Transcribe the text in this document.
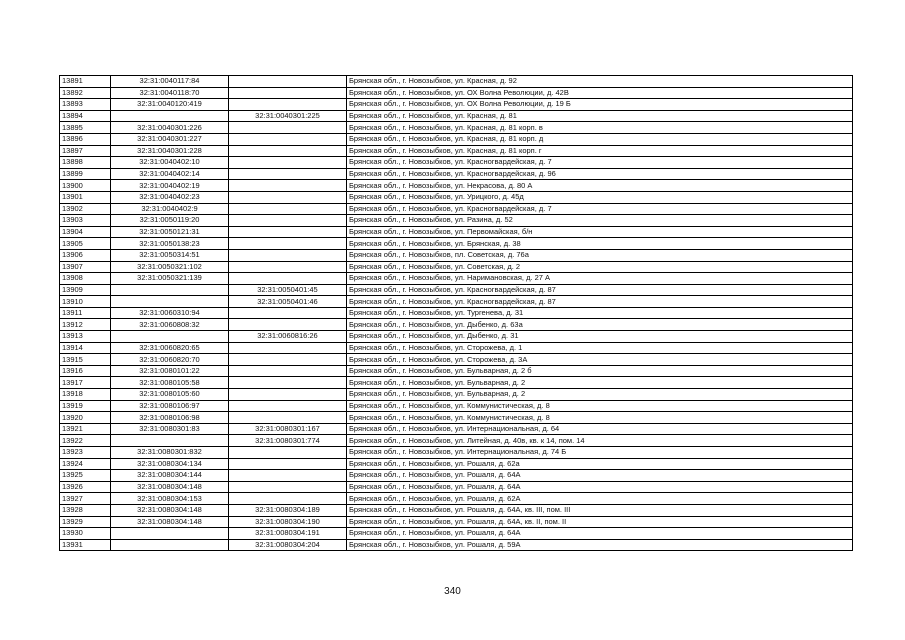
13891	32:31:0040117:84		Брянская обл., г. Новозыбков, ул. Красная, д. 92
13892	32:31:0040118:70		Брянская обл., г. Новозыбков, ул. ОХ Волна Революции, д. 42В
13893	32:31:0040120:419		Брянская обл., г. Новозыбков, ул. ОХ Волна Революции, д. 19 Б
13894		32:31:0040301:225	Брянская обл., г. Новозыбков, ул. Красная, д. 81
13895	32:31:0040301:226		Брянская обл., г. Новозыбков, ул. Красная, д. 81 корп. в
13896	32:31:0040301:227		Брянская обл., г. Новозыбков, ул. Красная, д. 81 корп. д
13897	32:31:0040301:228		Брянская обл., г. Новозыбков, ул. Красная, д. 81 корп. г
13898	32:31:0040402:10		Брянская обл., г. Новозыбков, ул. Красногвардейская, д. 7
13899	32:31:0040402:14		Брянская обл., г. Новозыбков, ул. Красногвардейская, д. 96
13900	32:31:0040402:19		Брянская обл., г. Новозыбков, ул. Некрасова, д. 80 А
13901	32:31:0040402:23		Брянская обл., г. Новозыбков, ул. Урицкого, д. 45д
13902	32:31:0040402:9		Брянская обл., г. Новозыбков, ул. Красногвардейская, д. 7
13903	32:31:0050119:20		Брянская обл., г. Новозыбков, ул. Разина, д. 52
13904	32:31:0050121:31		Брянская обл., г. Новозыбков, ул. Первомайская, б/н
13905	32:31:0050138:23		Брянская обл., г. Новозыбков, ул. Брянская, д. 38
13906	32:31:0050314:51		Брянская обл., г. Новозыбков, пл. Советская, д. 76а
13907	32:31:0050321:102		Брянская обл., г. Новозыбков, ул. Советская, д. 2
13908	32:31:0050321:139		Брянская обл., г. Новозыбков, ул. Наримановская, д. 27 А
13909		32:31:0050401:45	Брянская обл., г. Новозыбков, ул. Красногвардейская, д. 87
13910		32:31:0050401:46	Брянская обл., г. Новозыбков, ул. Красногвардейская, д. 87
13911	32:31:0060310:94		Брянская обл., г. Новозыбков, ул. Тургенева, д. 31
13912	32:31:0060808:32		Брянская обл., г. Новозыбков, ул. Дыбенко, д. 63а
13913		32:31:0060816:26	Брянская обл., г. Новозыбков, ул. Дыбенко, д. 31
13914	32:31:0060820:65		Брянская обл., г. Новозыбков, ул. Сторожева, д. 1
13915	32:31:0060820:70		Брянская обл., г. Новозыбков, ул. Сторожева, д. 3А
13916	32:31:0080101:22		Брянская обл., г. Новозыбков, ул. Бульварная, д. 2 б
13917	32:31:0080105:58		Брянская обл., г. Новозыбков, ул. Бульварная, д. 2
13918	32:31:0080105:60		Брянская обл., г. Новозыбков, ул. Бульварная, д. 2
13919	32:31:0080106:97		Брянская обл., г. Новозыбков, ул. Коммунистическая, д. 8
13920	32:31:0080106:98		Брянская обл., г. Новозыбков, ул. Коммунистическая, д. 8
13921	32:31:0080301:83	32:31:0080301:167	Брянская обл., г. Новозыбков, ул. Интернациональная, д. 64
13922		32:31:0080301:774	Брянская обл., г. Новозыбков, ул. Литейная, д. 40в, кв. к 14, пом. 14
13923	32:31:0080301:832		Брянская обл., г. Новозыбков, ул. Интернациональная, д. 74 Б
13924	32:31:0080304:134		Брянская обл., г. Новозыбков, ул. Рошаля, д. 62а
13925	32:31:0080304:144		Брянская обл., г. Новозыбков, ул. Рошаля, д. 64А
13926	32:31:0080304:148		Брянская обл., г. Новозыбков, ул. Рошаля, д. 64А
13927	32:31:0080304:153		Брянская обл., г. Новозыбков, ул. Рошаля, д. 62А
13928	32:31:0080304:148	32:31:0080304:189	Брянская обл., г. Новозыбков, ул. Рошаля, д. 64А, кв. III, пом. III
13929	32:31:0080304:148	32:31:0080304:190	Брянская обл., г. Новозыбков, ул. Рошаля, д. 64А, кв. II, пом. II
13930		32:31:0080304:191	Брянская обл., г. Новозыбков, ул. Рошаля, д. 64А
13931		32:31:0080304:204	Брянская обл., г. Новозыбков, ул. Рошаля, д. 59А
340
